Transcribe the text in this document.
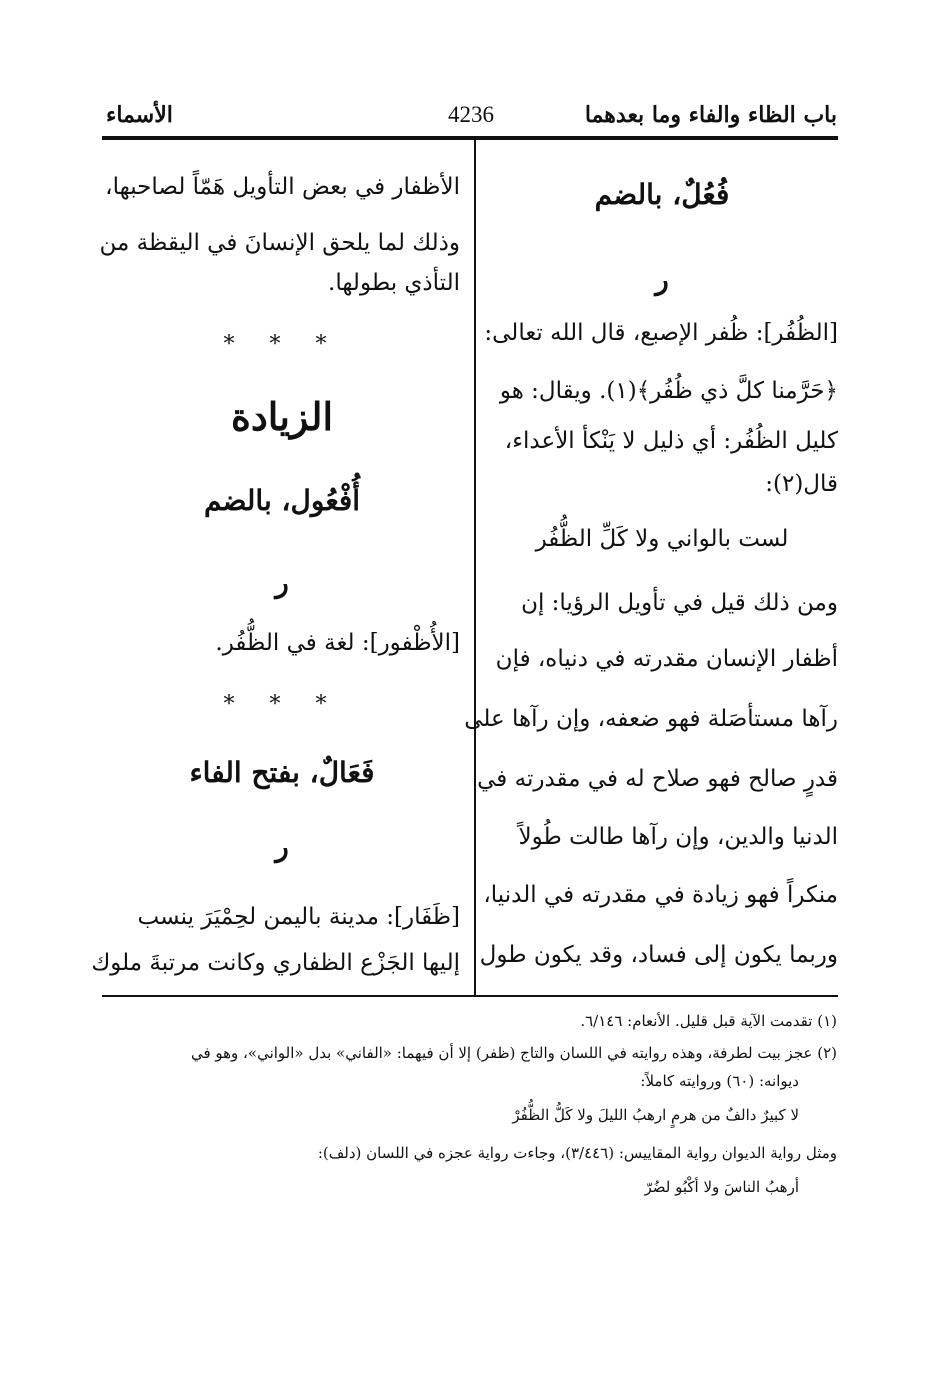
باب الظاء والفاء وما بعدهما
4236
الأسماء
فُعُلٌ، بالضم
ر
[الظُفُر]: ظُفر الإصبع، قال الله تعالى:
﴿حَرَّمنا كلَّ ذي ظُفُر﴾(١). ويقال: هو
كليل الظُفُر: أي ذليل لا يَنْكأ الأعداء،
قال(٢):
لست بالواني ولا كَلِّ الظُّفُر
ومن ذلك قيل في تأويل الرؤيا: إن
أظفار الإنسان مقدرته في دنياه، فإن
رآها مستأصَلة فهو ضعفه، وإن رآها على
قدرٍ صالح فهو صلاح له في مقدرته في
الدنيا والدين، وإن رآها طالت طُولاً
منكراً فهو زيادة في مقدرته في الدنيا،
وربما يكون إلى فساد، وقد يكون طول
الأظفار في بعض التأويل هَمّاً لصاحبها،
وذلك لما يلحق الإنسانَ في اليقظة من
التأذي بطولها.
* * *
الزيادة
أُفْعُول، بالضم
ر
[الأُظْفور]: لغة في الظُّفُر.
* * *
فَعَالٌ، بفتح الفاء
ر
[ظَفَار]: مدينة باليمن لحِمْيَرَ ينسب
إليها الجَزْع الظفاري وكانت مرتبةَ ملوك
(١) تقدمت الآية قبل قليل. الأنعام: ٦/١٤٦.
(٢) عجز بيت لطرفة، وهذه روايته في اللسان والتاج (ظفر) إلا أن فيهما: «الفاني» بدل «الواني»، وهو في
ديوانه: (٦٠) وروايته كاملاً:
لا كبيرٌ دالفٌ من هرمٍ ارهبُ الليلَ ولا كَلُّ الظُّفُرْ
ومثل رواية الديوان رواية المقاييس: (٣/٤٤٦)، وجاءت رواية عجزه في اللسان (دلف):
أرهبُ الناسَ ولا أكْبُو لضُرّ
